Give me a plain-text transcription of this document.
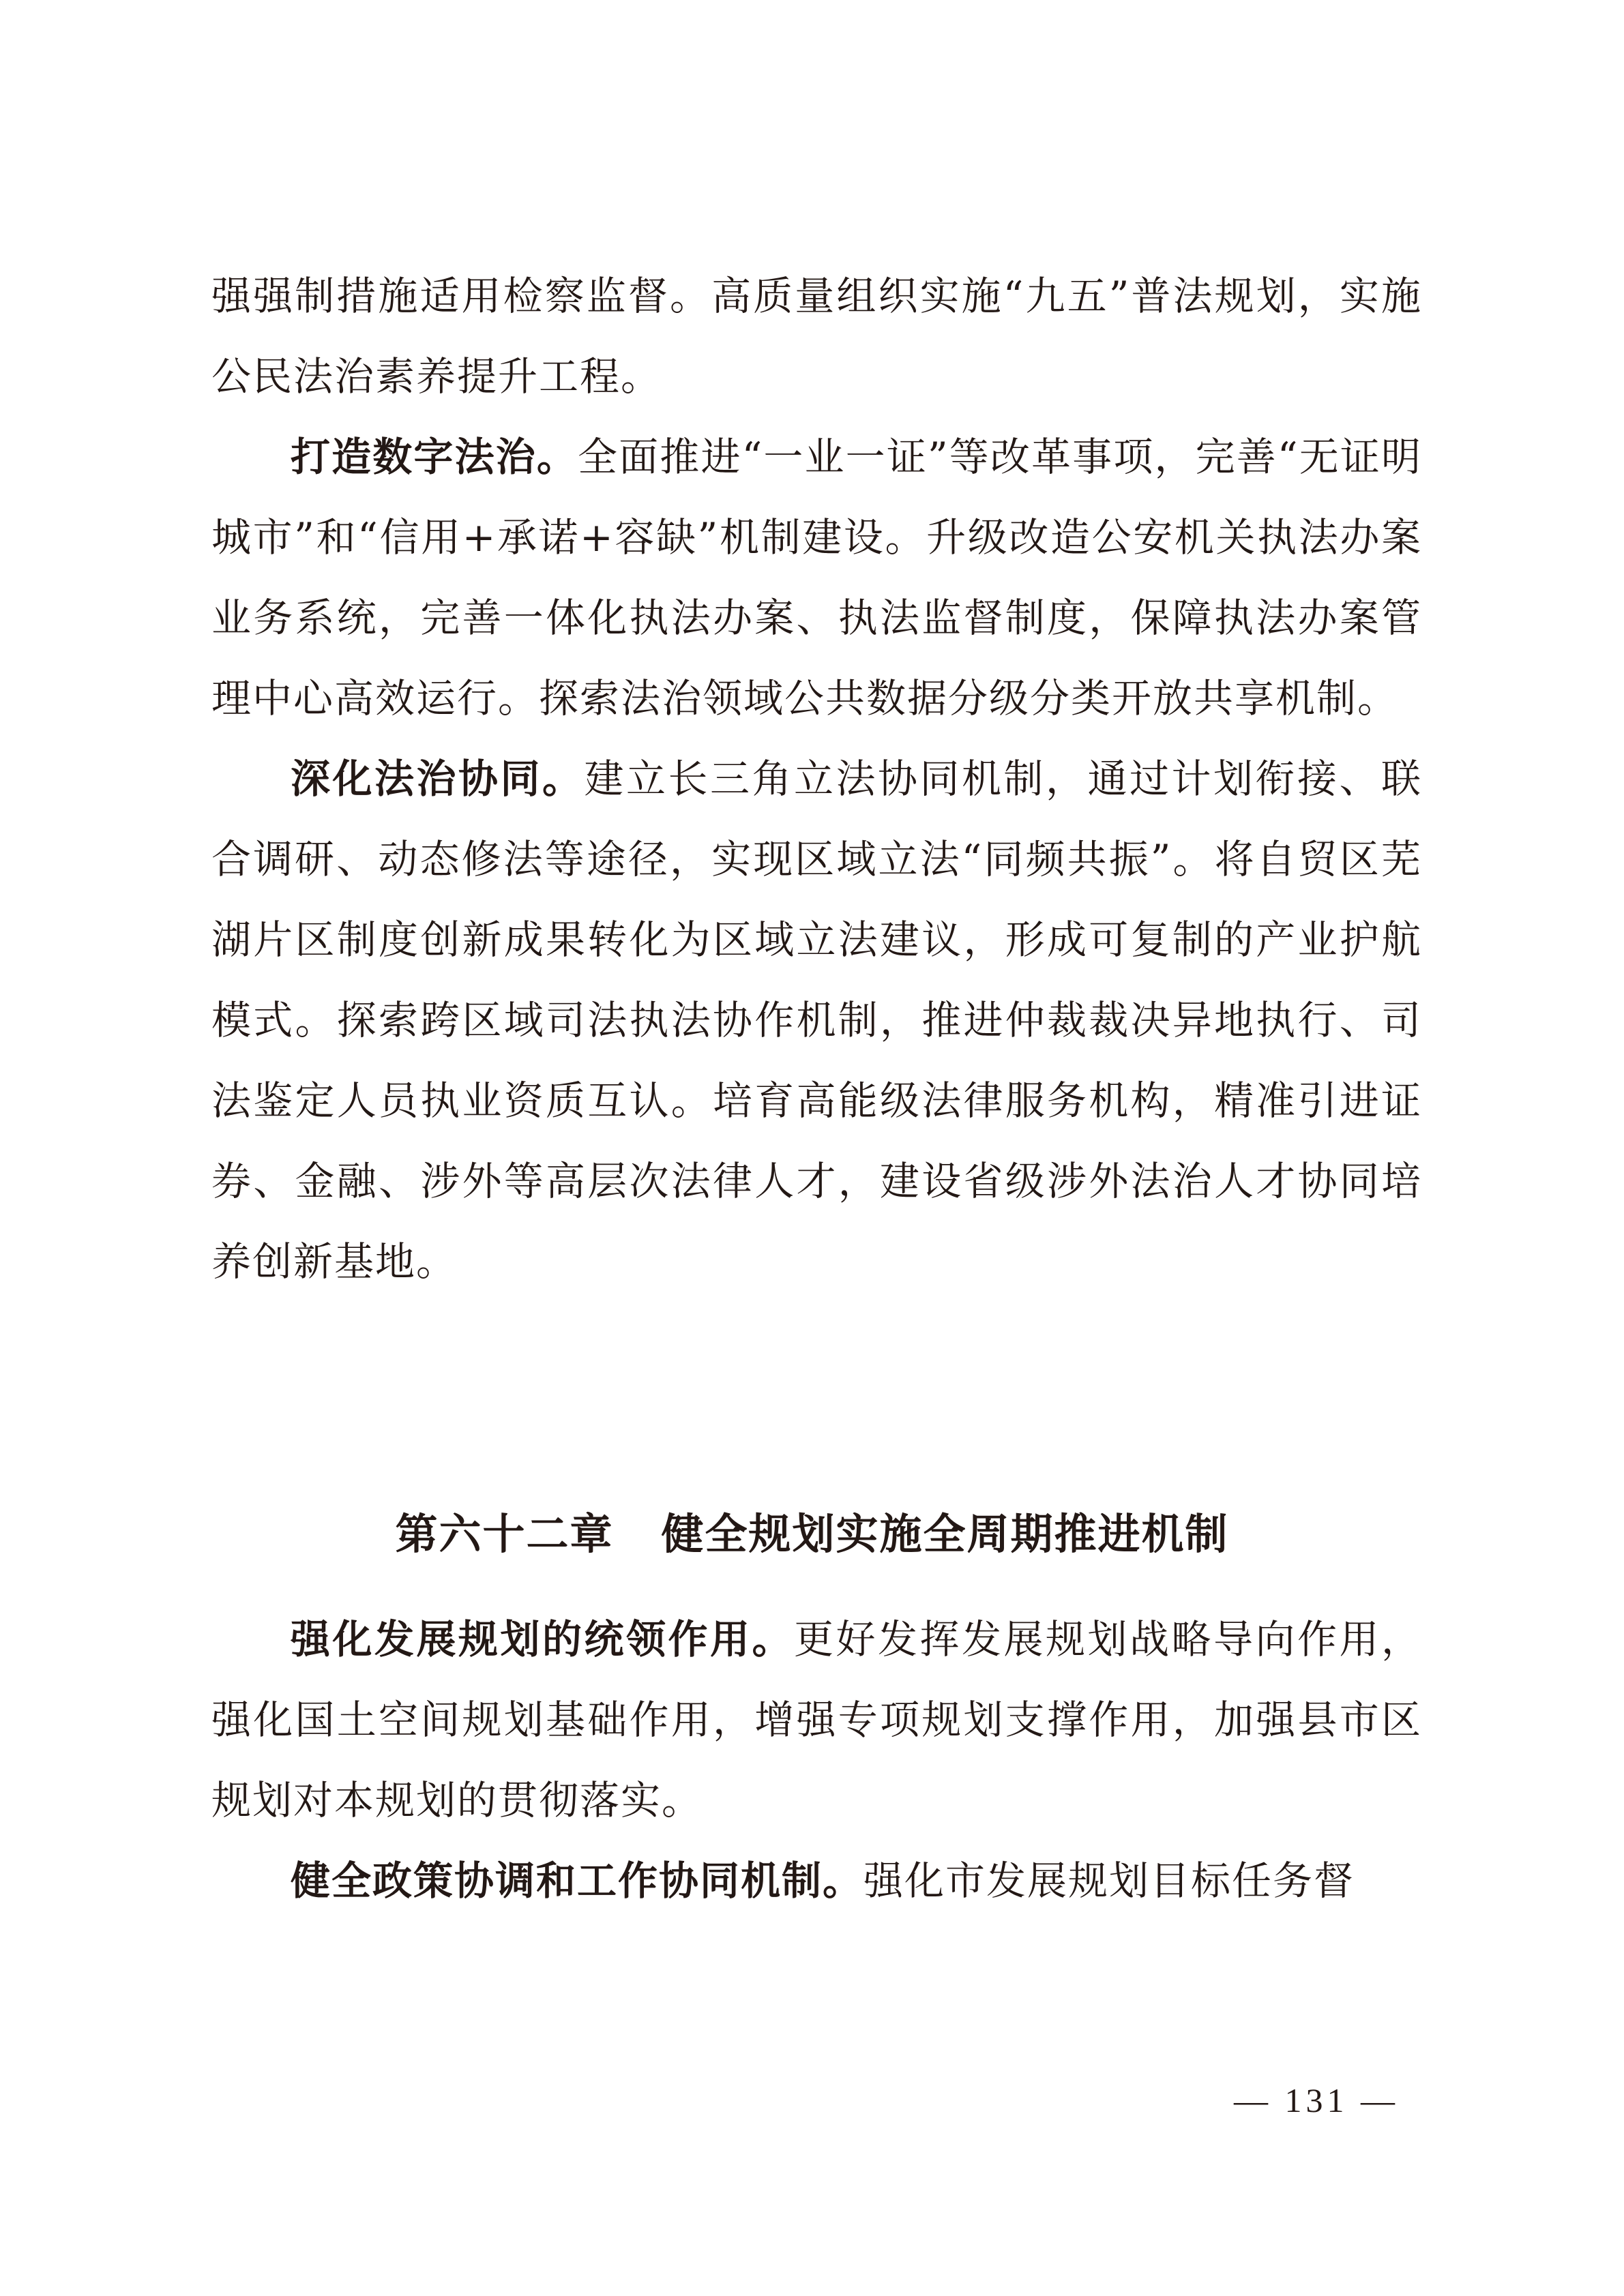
强强制措施适用检察监督。高质量组织实施“九五”普法规划，实施公民法治素养提升工程。

打造数字法治。全面推进“一业一证”等改革事项，完善“无证明城市”和“信用+承诺+容缺”机制建设。升级改造公安机关执法办案业务系统，完善一体化执法办案、执法监督制度，保障执法办案管理中心高效运行。探索法治领域公共数据分级分类开放共享机制。

深化法治协同。建立长三角立法协同机制，通过计划衔接、联合调研、动态修法等途径，实现区域立法“同频共振”。将自贸区芜湖片区制度创新成果转化为区域立法建议，形成可复制的产业护航模式。探索跨区域司法执法协作机制，推进仲裁裁决异地执行、司法鉴定人员执业资质互认。培育高能级法律服务机构，精准引进证券、金融、涉外等高层次法律人才，建设省级涉外法治人才协同培养创新基地。

第六十二章 健全规划实施全周期推进机制

强化发展规划的统领作用。更好发挥发展规划战略导向作用，强化国土空间规划基础作用，增强专项规划支撑作用，加强县市区规划对本规划的贯彻落实。

健全政策协调和工作协同机制。强化市发展规划目标任务督

— 131 —
